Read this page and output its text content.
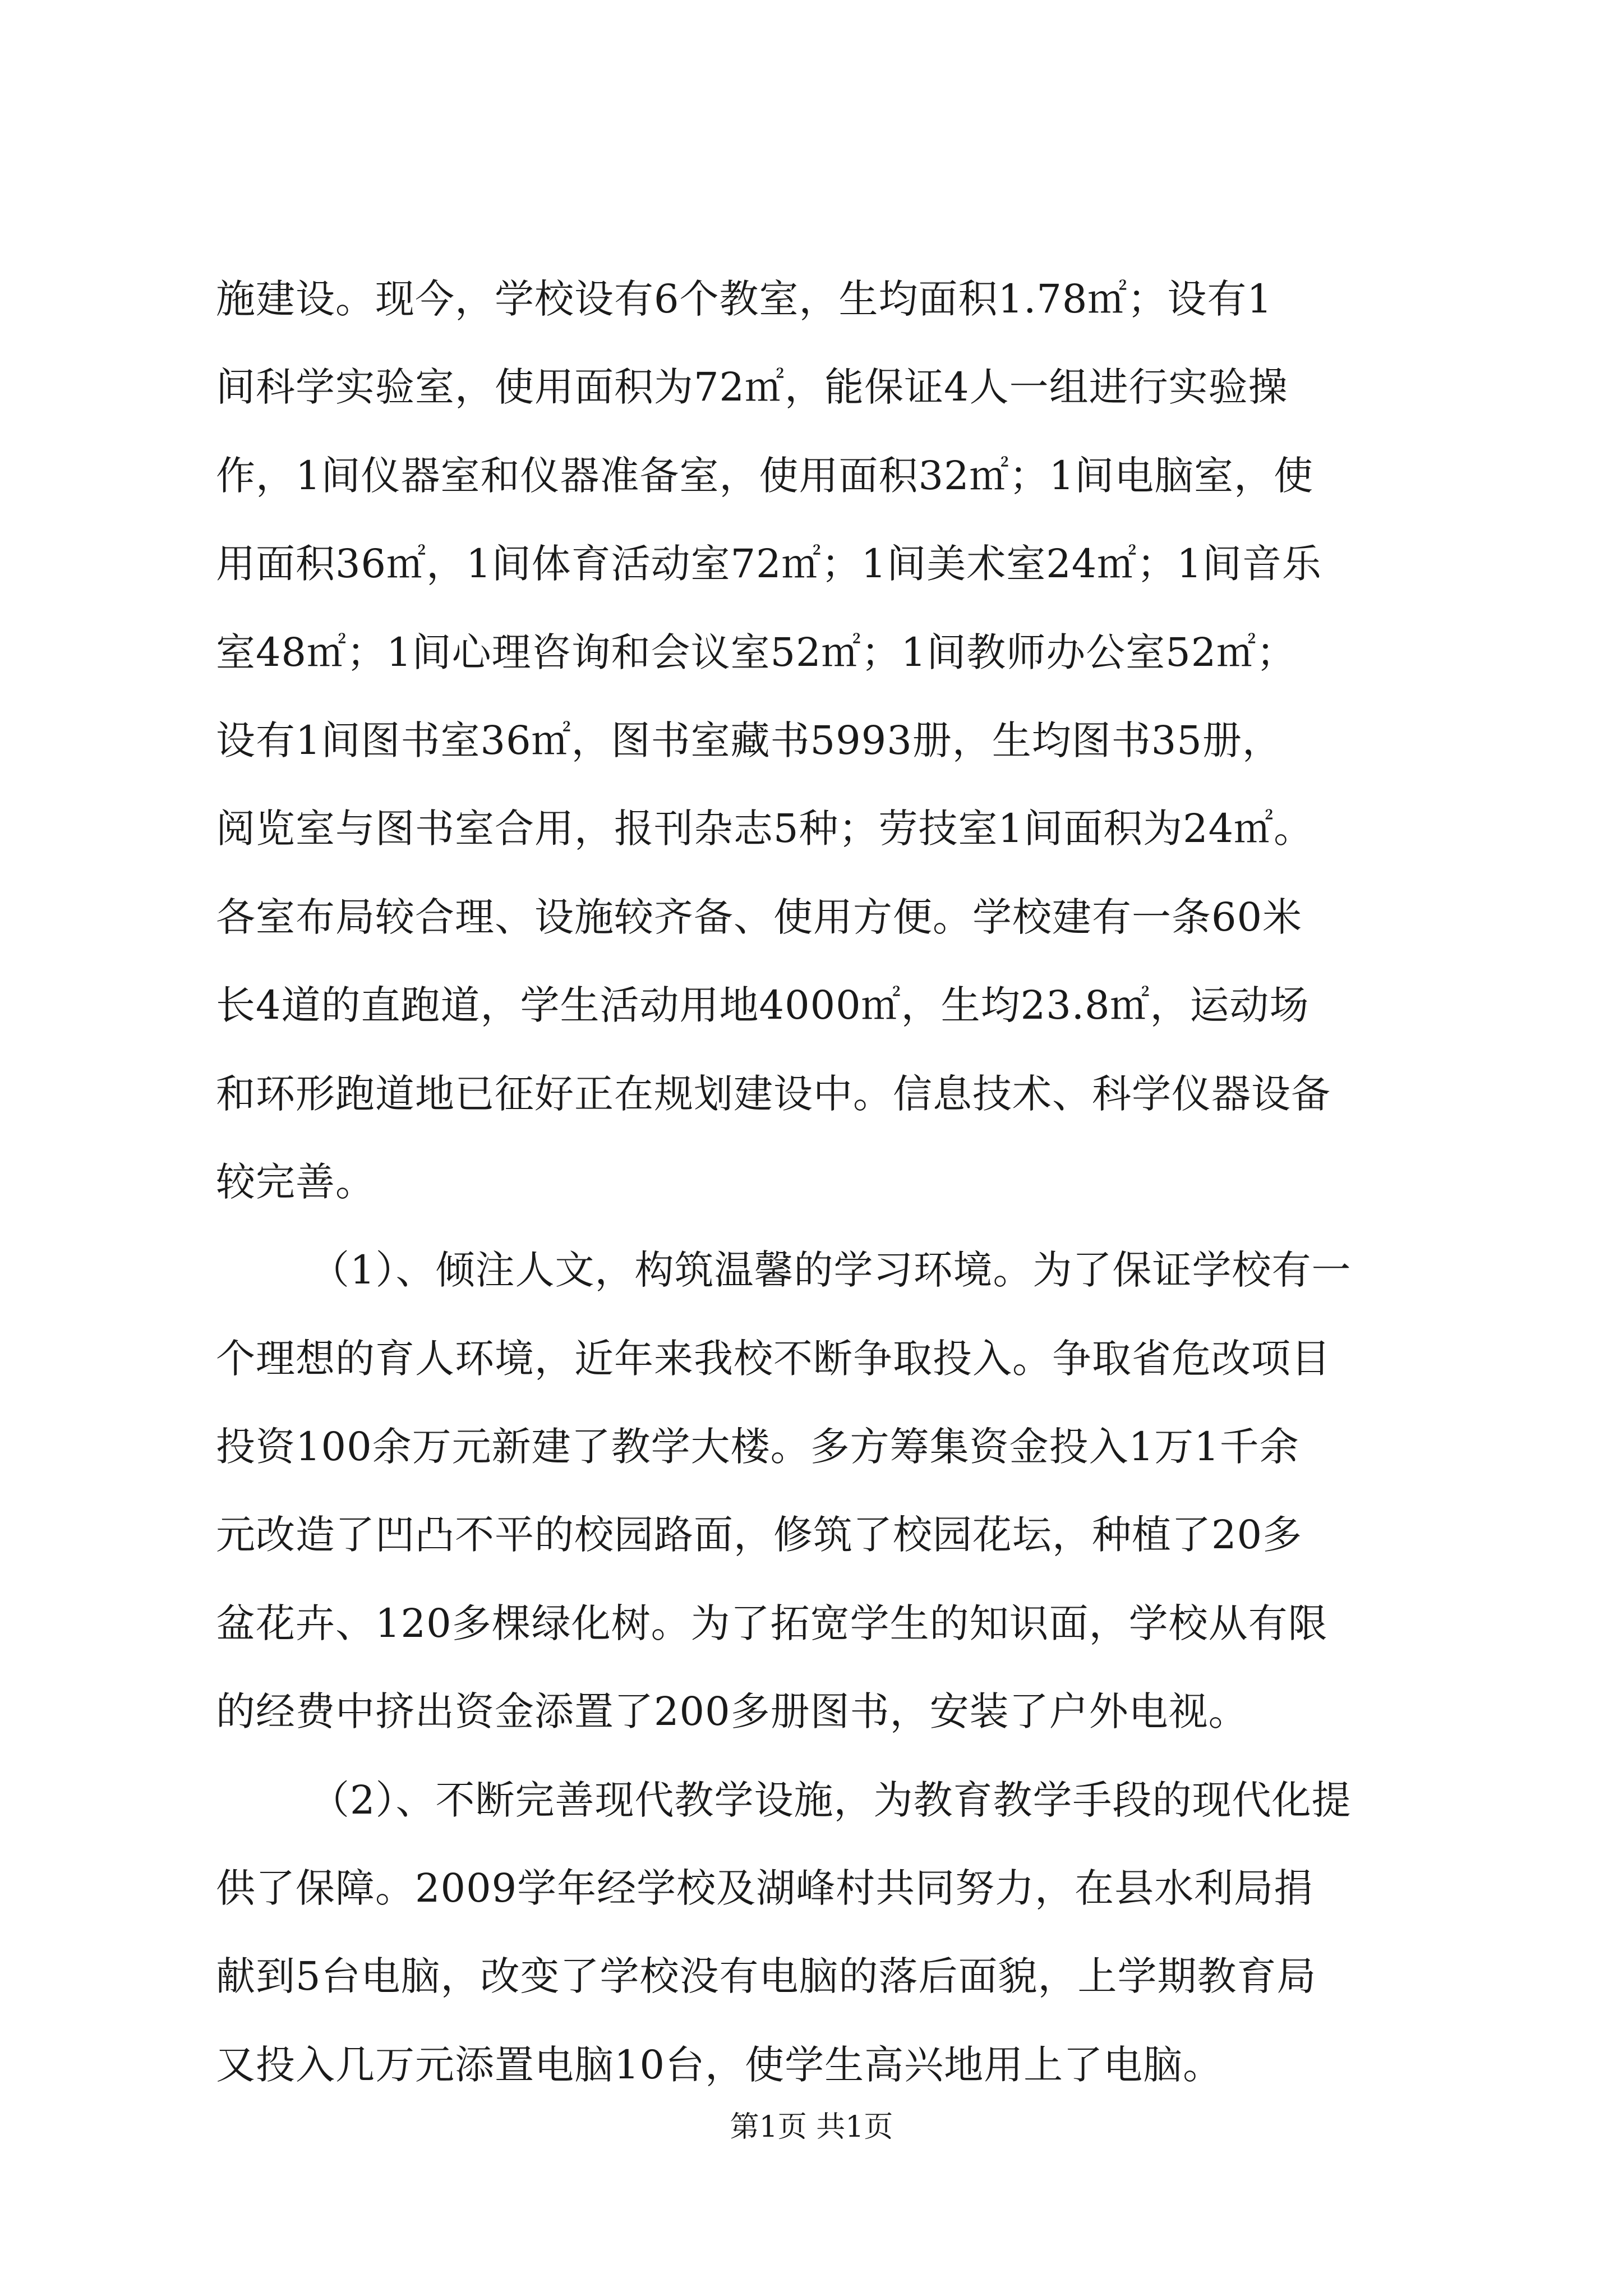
施建设。现今，学校设有6个教室，生均面积1.78㎡；设有1
间科学实验室，使用面积为72㎡，能保证4人一组进行实验操
作，1间仪器室和仪器准备室，使用面积32㎡；1间电脑室，使
用面积36㎡，1间体育活动室72㎡；1间美术室24㎡；1间音乐
室48㎡；1间心理咨询和会议室52㎡；1间教师办公室52㎡；
设有1间图书室36㎡，图书室藏书5993册，生均图书35册，
阅览室与图书室合用，报刊杂志5种；劳技室1间面积为24㎡。
各室布局较合理、设施较齐备、使用方便。学校建有一条60米
长4道的直跑道，学生活动用地4000㎡，生均23.8㎡，运动场
和环形跑道地已征好正在规划建设中。信息技术、科学仪器设备
较完善。
（1）、倾注人文，构筑温馨的学习环境。为了保证学校有一
个理想的育人环境，近年来我校不断争取投入。争取省危改项目
投资100余万元新建了教学大楼。多方筹集资金投入1万1千余
元改造了凹凸不平的校园路面，修筑了校园花坛，种植了20多
盆花卉、120多棵绿化树。为了拓宽学生的知识面，学校从有限
的经费中挤出资金添置了200多册图书，安装了户外电视。
（2）、不断完善现代教学设施，为教育教学手段的现代化提
供了保障。2009学年经学校及湖峰村共同努力，在县水利局捐
献到5台电脑，改变了学校没有电脑的落后面貌，上学期教育局
又投入几万元添置电脑10台，使学生高兴地用上了电脑。
第1页 共1页
